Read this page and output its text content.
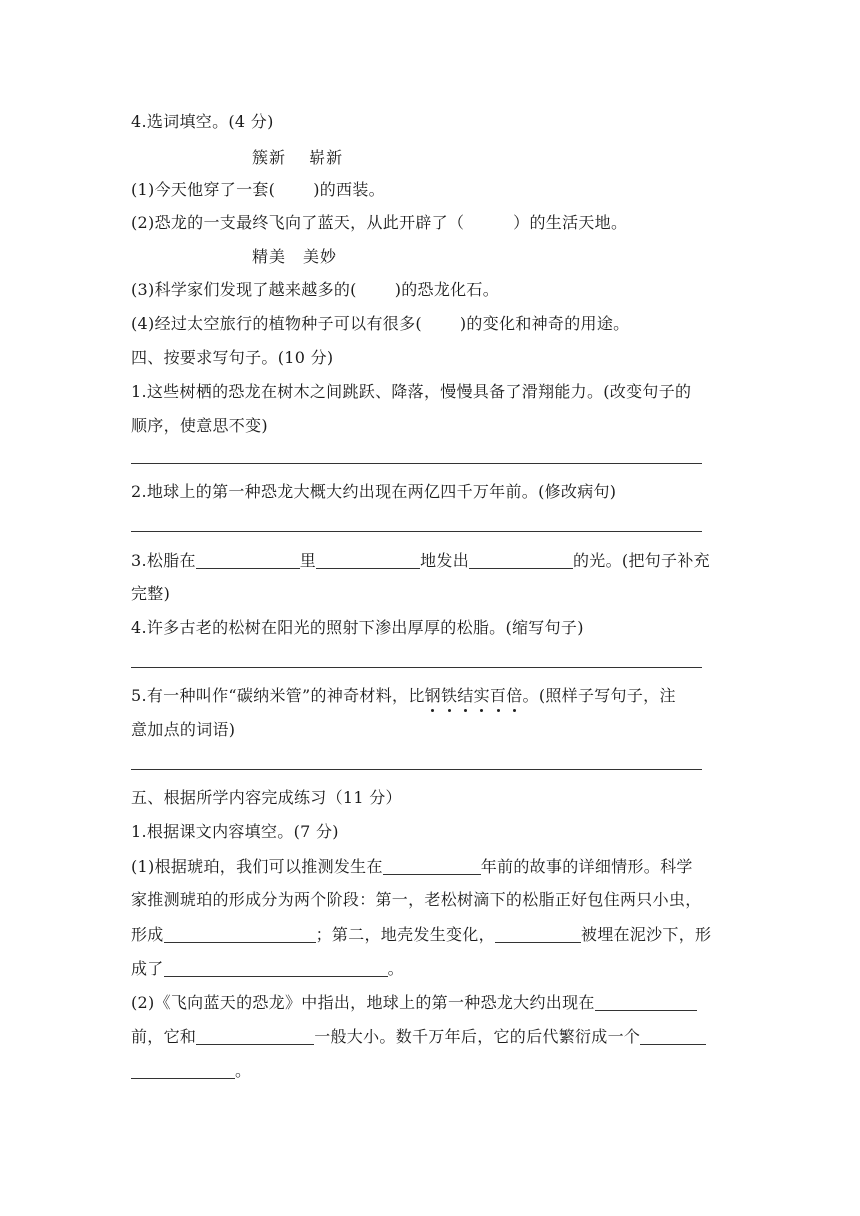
4.选词填空。(4 分)
簇新　 崭新
(1)今天他穿了一套(　　 )的西装。
(2)恐龙的一支最终飞向了蓝天，从此开辟了（　　　）的生活天地。
精美　美妙
(3)科学家们发现了越来越多的(　　 )的恐龙化石。
(4)经过太空旅行的植物种子可以有很多(　　 )的变化和神奇的用途。
四、按要求写句子。(10 分)
1.这些树栖的恐龙在树木之间跳跃、降落，慢慢具备了滑翔能力。(改变句子的
顺序，使意思不变)
2.地球上的第一种恐龙大概大约出现在两亿四千万年前。(修改病句)
3.松脂在	里	地发出	的光。(把句子补充
完整)
4.许多古老的松树在阳光的照射下渗出厚厚的松脂。(缩写句子)
5.有一种叫作“碳纳米管”的神奇材料，比钢铁结实百倍。(照样子写句子，注
意加点的词语)
五、根据所学内容完成练习（11 分）
1.根据课文内容填空。(7 分)
(1)根据琥珀，我们可以推测发生在	年前的故事的详细情形。科学
家推测琥珀的形成分为两个阶段：第一，老松树滴下的松脂正好包住两只小虫，
形成	；第二，地壳发生变化，	被埋在泥沙下，形
成了	。
(2)《飞向蓝天的恐龙》中指出，地球上的第一种恐龙大约出现在
前，它和	一般大小。数千万年后，它的后代繁衍成一个
。
